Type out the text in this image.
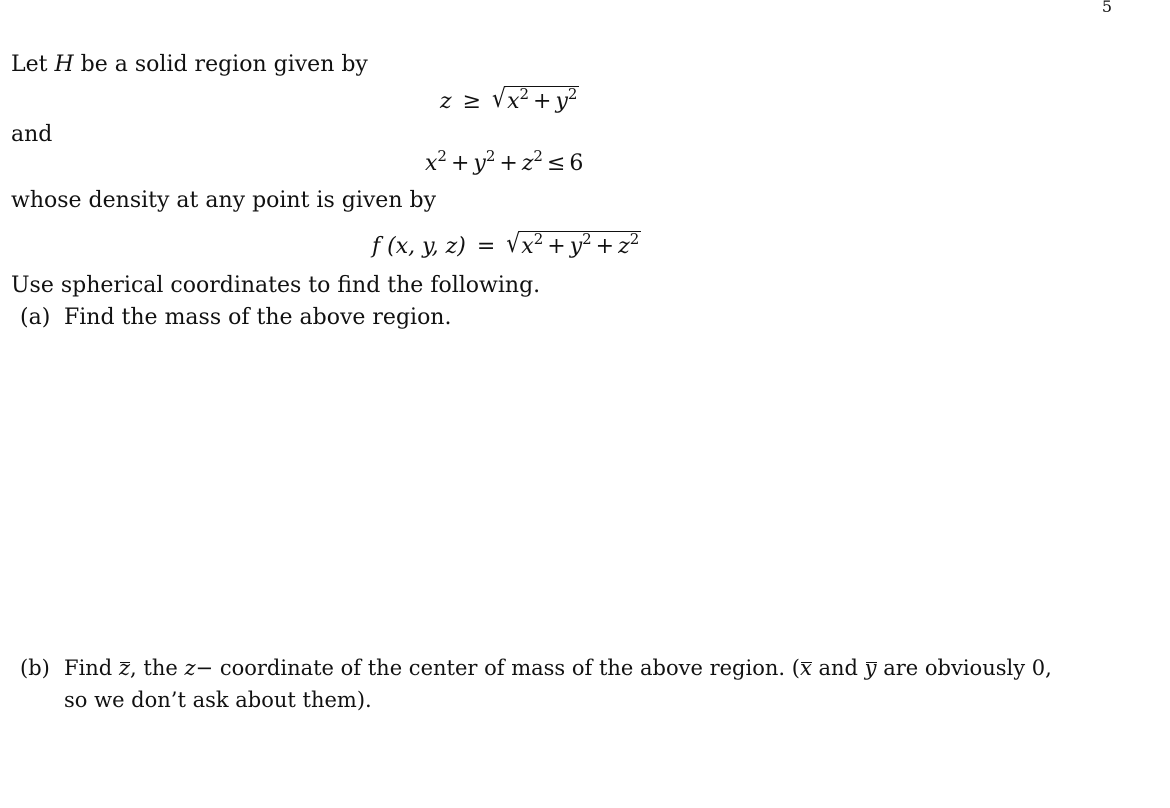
5
Let H be a solid region given by
$z \ge √x^2 + y^2$
and
$x^2 + y^2 + z^2 \le 6$
whose density at any point is given by
f (x, y, $z) = √x^2 + y^2 + z^2$
Use spherical coordinates to find the following.
(a) Find the mass of the above region.
(b) Find z, the z− coordinate of the center of mass of the above region. (x and y are obviously 0,
so we don’t ask about them).
